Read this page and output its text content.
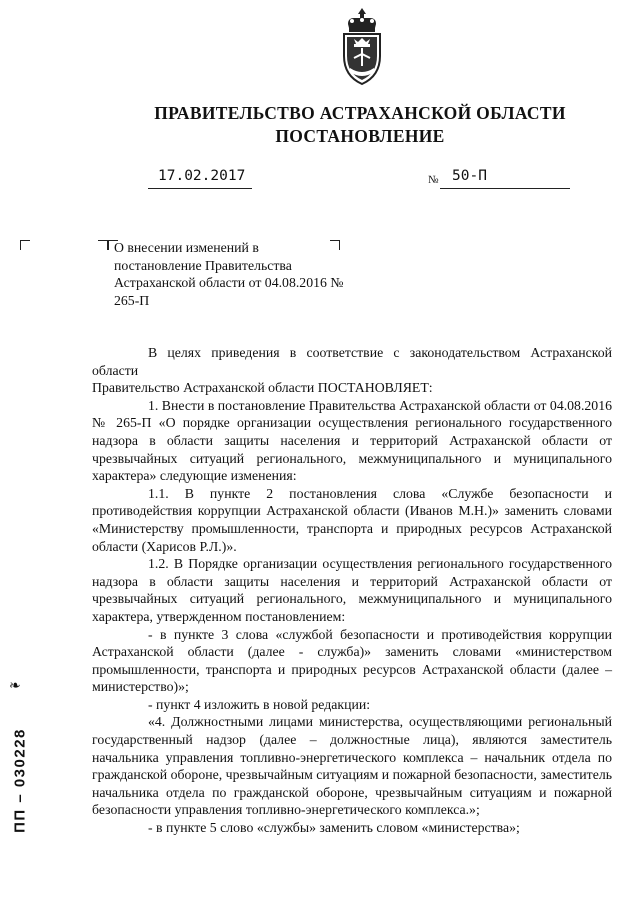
ПРАВИТЕЛЬСТВО АСТРАХАНСКОЙ ОБЛАСТИ
ПОСТАНОВЛЕНИЕ
17.02.2017	№ 50-П
О внесении изменений в постановление Правительства Астраханской области от 04.08.2016 № 265-П

В целях приведения в соответствие с законодательством Астраханской области

Правительство Астраханской области ПОСТАНОВЛЯЕТ:

1. Внести в постановление Правительства Астраханской области от 04.08.2016 № 265-П «О порядке организации осуществления регионального государственного надзора в области защиты населения и территорий Астраханской области от чрезвычайных ситуаций регионального, межмуниципального и муниципального характера» следующие изменения:

1.1. В пункте 2 постановления слова «Службе безопасности и противодействия коррупции Астраханской области (Иванов М.Н.)» заменить словами «Министерству промышленности, транспорта и природных ресурсов Астраханской области (Харисов Р.Л.)».

1.2. В Порядке организации осуществления регионального государственного надзора в области защиты населения и территорий Астраханской области от чрезвычайных ситуаций регионального, межмуниципального и муниципального характера, утвержденном постановлением:

- в пункте 3 слова «службой безопасности и противодействия коррупции Астраханской области (далее - служба)» заменить словами «министерством промышленности, транспорта и природных ресурсов Астраханской области (далее – министерство)»;

- пункт 4 изложить в новой редакции:

«4. Должностными лицами министерства, осуществляющими региональный государственный надзор (далее – должностные лица), являются заместитель начальника управления топливно-энергетического комплекса – начальник отдела по гражданской обороне, чрезвычайным ситуациям и пожарной безопасности, заместитель начальника отдела по гражданской обороне, чрезвычайным ситуациям и пожарной безопасности управления топливно-энергетического комплекса.»;

- в пункте 5 слово «службы» заменить словом «министерства»;

❧
ПП – 030228
